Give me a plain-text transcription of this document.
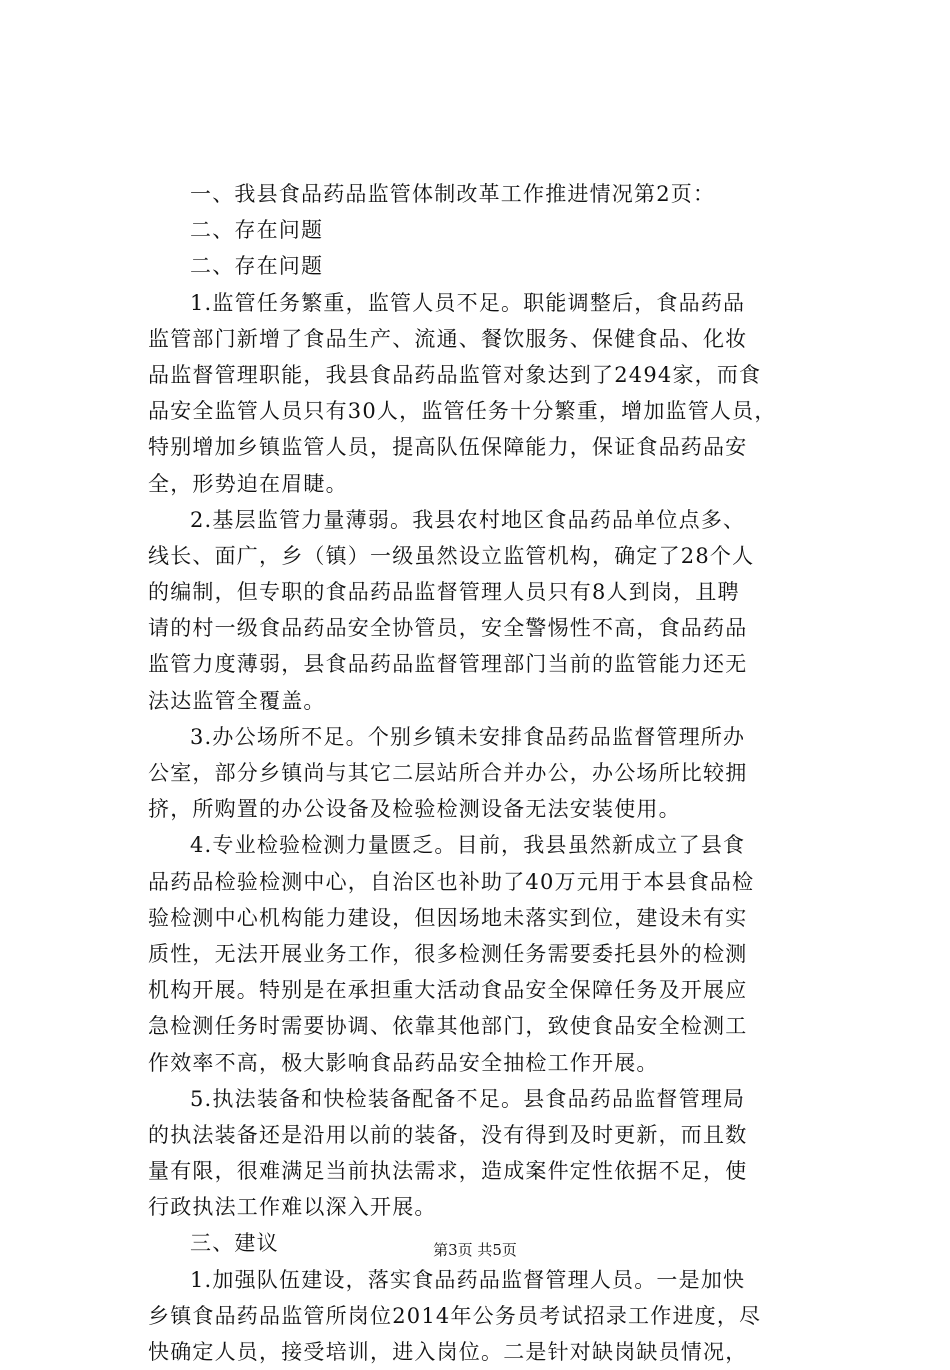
一、我县食品药品监管体制改革工作推进情况第2页：
二、存在问题
二、存在问题
1.监管任务繁重，监管人员不足。职能调整后，食品药品
监管部门新增了食品生产、流通、餐饮服务、保健食品、化妆
品监督管理职能，我县食品药品监管对象达到了2494家，而食
品安全监管人员只有30人，监管任务十分繁重，增加监管人员，
特别增加乡镇监管人员，提高队伍保障能力，保证食品药品安
全，形势迫在眉睫。
2.基层监管力量薄弱。我县农村地区食品药品单位点多、
线长、面广，乡（镇）一级虽然设立监管机构，确定了28个人
的编制，但专职的食品药品监督管理人员只有8人到岗，且聘
请的村一级食品药品安全协管员，安全警惕性不高，食品药品
监管力度薄弱，县食品药品监督管理部门当前的监管能力还无
法达监管全覆盖。
3.办公场所不足。个别乡镇未安排食品药品监督管理所办
公室，部分乡镇尚与其它二层站所合并办公，办公场所比较拥
挤，所购置的办公设备及检验检测设备无法安装使用。
4.专业检验检测力量匮乏。目前，我县虽然新成立了县食
品药品检验检测中心，自治区也补助了40万元用于本县食品检
验检测中心机构能力建设，但因场地未落实到位，建设未有实
质性，无法开展业务工作，很多检测任务需要委托县外的检测
机构开展。特别是在承担重大活动食品安全保障任务及开展应
急检测任务时需要协调、依靠其他部门，致使食品安全检测工
作效率不高，极大影响食品药品安全抽检工作开展。
5.执法装备和快检装备配备不足。县食品药品监督管理局
的执法装备还是沿用以前的装备，没有得到及时更新，而且数
量有限，很难满足当前执法需求，造成案件定性依据不足，使
行政执法工作难以深入开展。
三、建议
1.加强队伍建设，落实食品药品监督管理人员。一是加快
乡镇食品药品监管所岗位2014年公务员考试招录工作进度，尽
快确定人员，接受培训，进入岗位。二是针对缺岗缺员情况，
第3页 共5页
